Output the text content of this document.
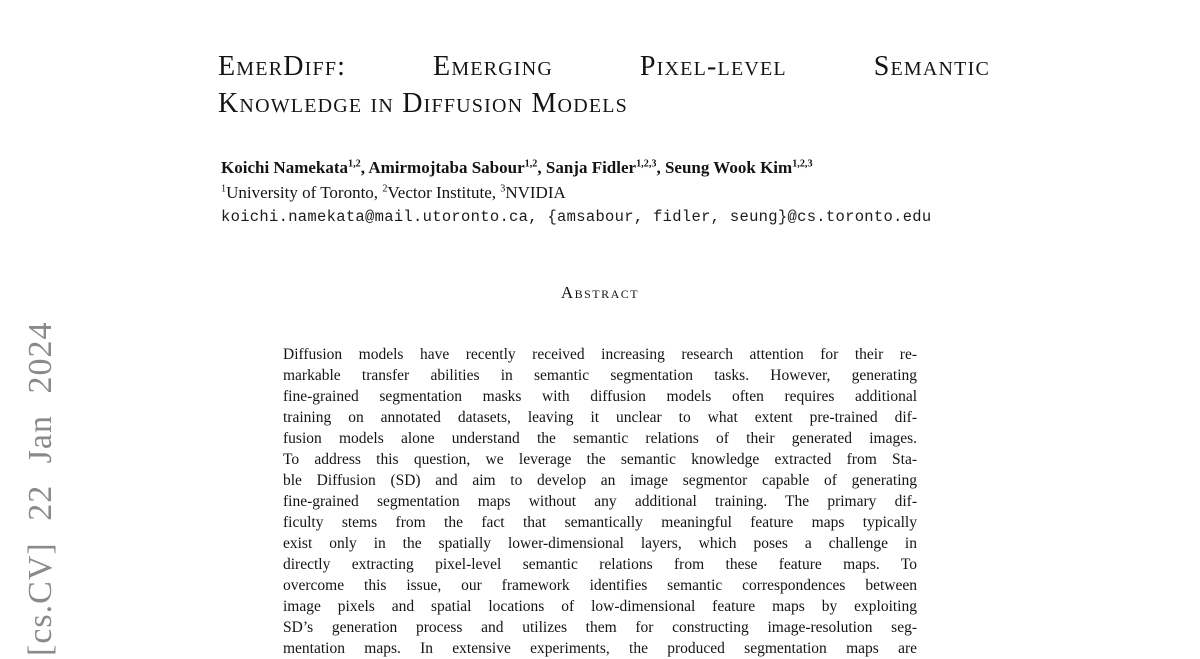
[cs.CV] 22 Jan 2024
EmerDiff: Emerging Pixel-level Semantic
Knowledge in Diffusion Models
Koichi Namekata$^{1,2}$, Amirmojtaba Sabour$^{1,2}$, Sanja Fidler$^{1,2,3}$, Seung Wook Kim$^{1,2,3}$
$^1$University of Toronto, $^2$Vector Institute, $^3$NVIDIA
koichi.namekata@mail.utoronto.ca, {amsabour, fidler, seung}@cs.toronto.edu
Abstract
Diffusion models have recently received increasing research attention for their re-
markable transfer abilities in semantic segmentation tasks. However, generating
fine-grained segmentation masks with diffusion models often requires additional
training on annotated datasets, leaving it unclear to what extent pre-trained dif-
fusion models alone understand the semantic relations of their generated images.
To address this question, we leverage the semantic knowledge extracted from Sta-
ble Diffusion (SD) and aim to develop an image segmentor capable of generating
fine-grained segmentation maps without any additional training. The primary dif-
ficulty stems from the fact that semantically meaningful feature maps typically
exist only in the spatially lower-dimensional layers, which poses a challenge in
directly extracting pixel-level semantic relations from these feature maps. To
overcome this issue, our framework identifies semantic correspondences between
image pixels and spatial locations of low-dimensional feature maps by exploiting
SD’s generation process and utilizes them for constructing image-resolution seg-
mentation maps. In extensive experiments, the produced segmentation maps are
